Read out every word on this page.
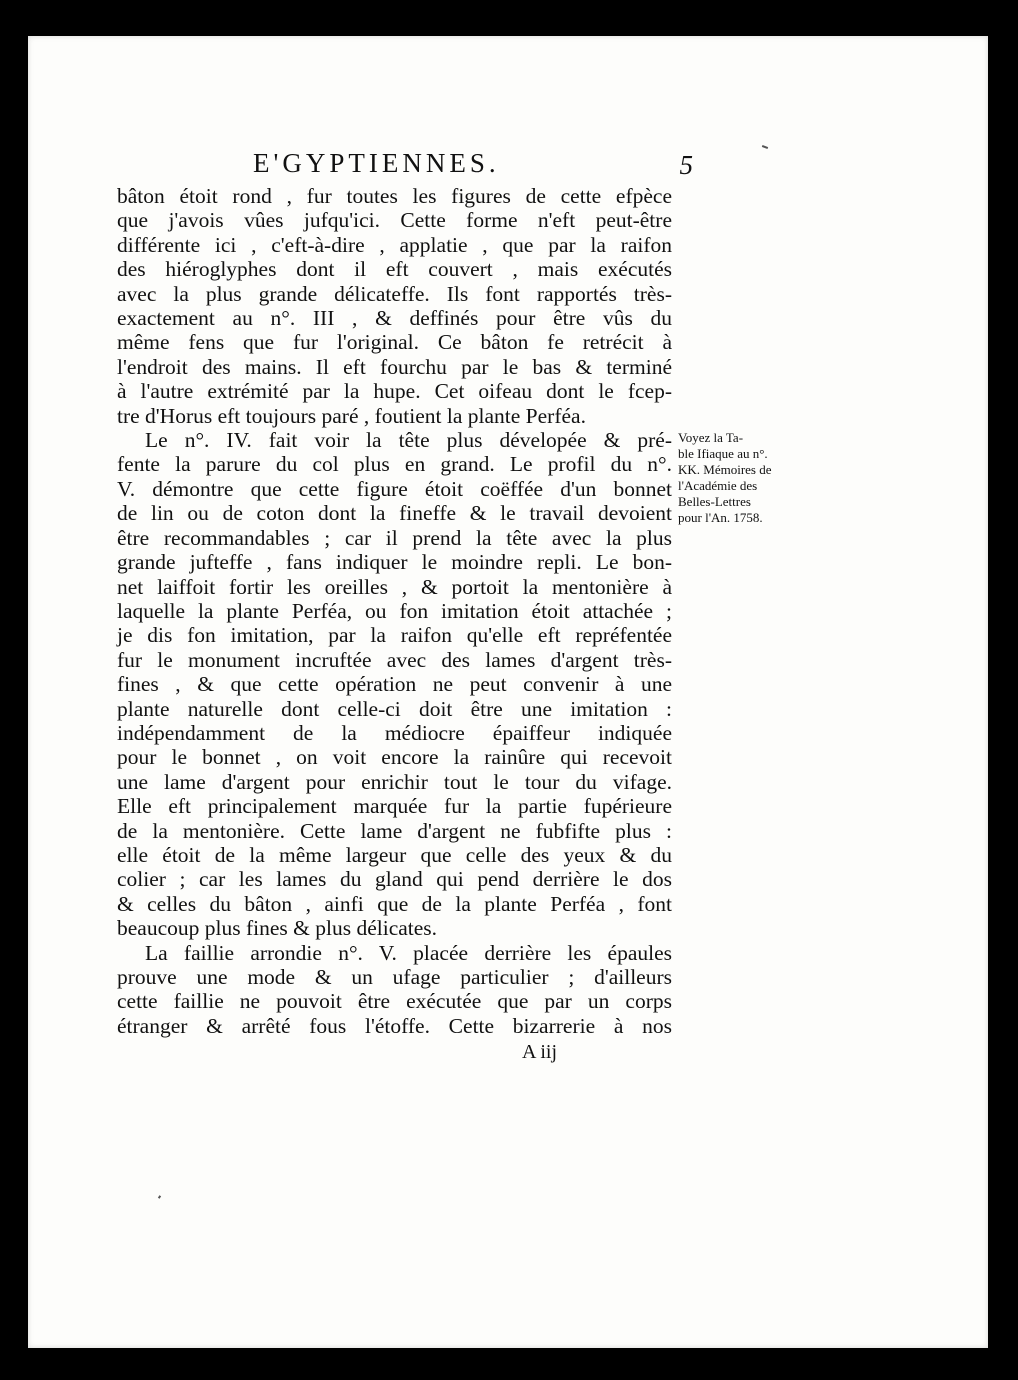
E'GYPTIENNES.	5
bâton étoit rond , fur toutes les figures de cette efpèce
que j'avois vûes jufqu'ici. Cette forme n'eft peut-être
différente ici , c'eft-à-dire , applatie , que par la raifon
des hiéroglyphes dont il eft couvert , mais exécutés
avec la plus grande délicateffe. Ils font rapportés très-
exactement au n°. III , & deffinés pour être vûs du
même fens que fur l'original. Ce bâton fe retrécit à
l'endroit des mains. Il eft fourchu par le bas & terminé
à l'autre extrémité par la hupe. Cet oifeau dont le fcep-
tre d'Horus eft toujours paré , foutient la plante Perféa.
Le n°. IV. fait voir la tête plus dévelopée & pré-
fente la parure du col plus en grand. Le profil du n°.
V. démontre que cette figure étoit coëffée d'un bonnet
de lin ou de coton dont la fineffe & le travail devoient
être recommandables ; car il prend la tête avec la plus
grande jufteffe , fans indiquer le moindre repli. Le bon-
net laiffoit fortir les oreilles , & portoit la mentonière à
laquelle la plante Perféa, ou fon imitation étoit attachée ;
je dis fon imitation, par la raifon qu'elle eft repréfentée
fur le monument incruftée avec des lames d'argent très-
fines , & que cette opération ne peut convenir à une
plante naturelle dont celle-ci doit être une imitation :
indépendamment de la médiocre épaiffeur indiquée
pour le bonnet , on voit encore la rainûre qui recevoit
une lame d'argent pour enrichir tout le tour du vifage.
Elle eft principalement marquée fur la partie fupérieure
de la mentonière. Cette lame d'argent ne fubfifte plus :
elle étoit de la même largeur que celle des yeux & du
colier ; car les lames du gland qui pend derrière le dos
& celles du bâton , ainfi que de la plante Perféa , font
beaucoup plus fines & plus délicates.
La faillie arrondie n°. V. placée derrière les épaules
prouve une mode & un ufage particulier ; d'ailleurs
cette faillie ne pouvoit être exécutée que par un corps
étranger & arrêté fous l'étoffe. Cette bizarrerie à nos
Voyez la Ta-
ble Ifiaque au n°.
KK. Mémoires de
l'Académie des
Belles-Lettres
pour l'An. 1758.
A iij
